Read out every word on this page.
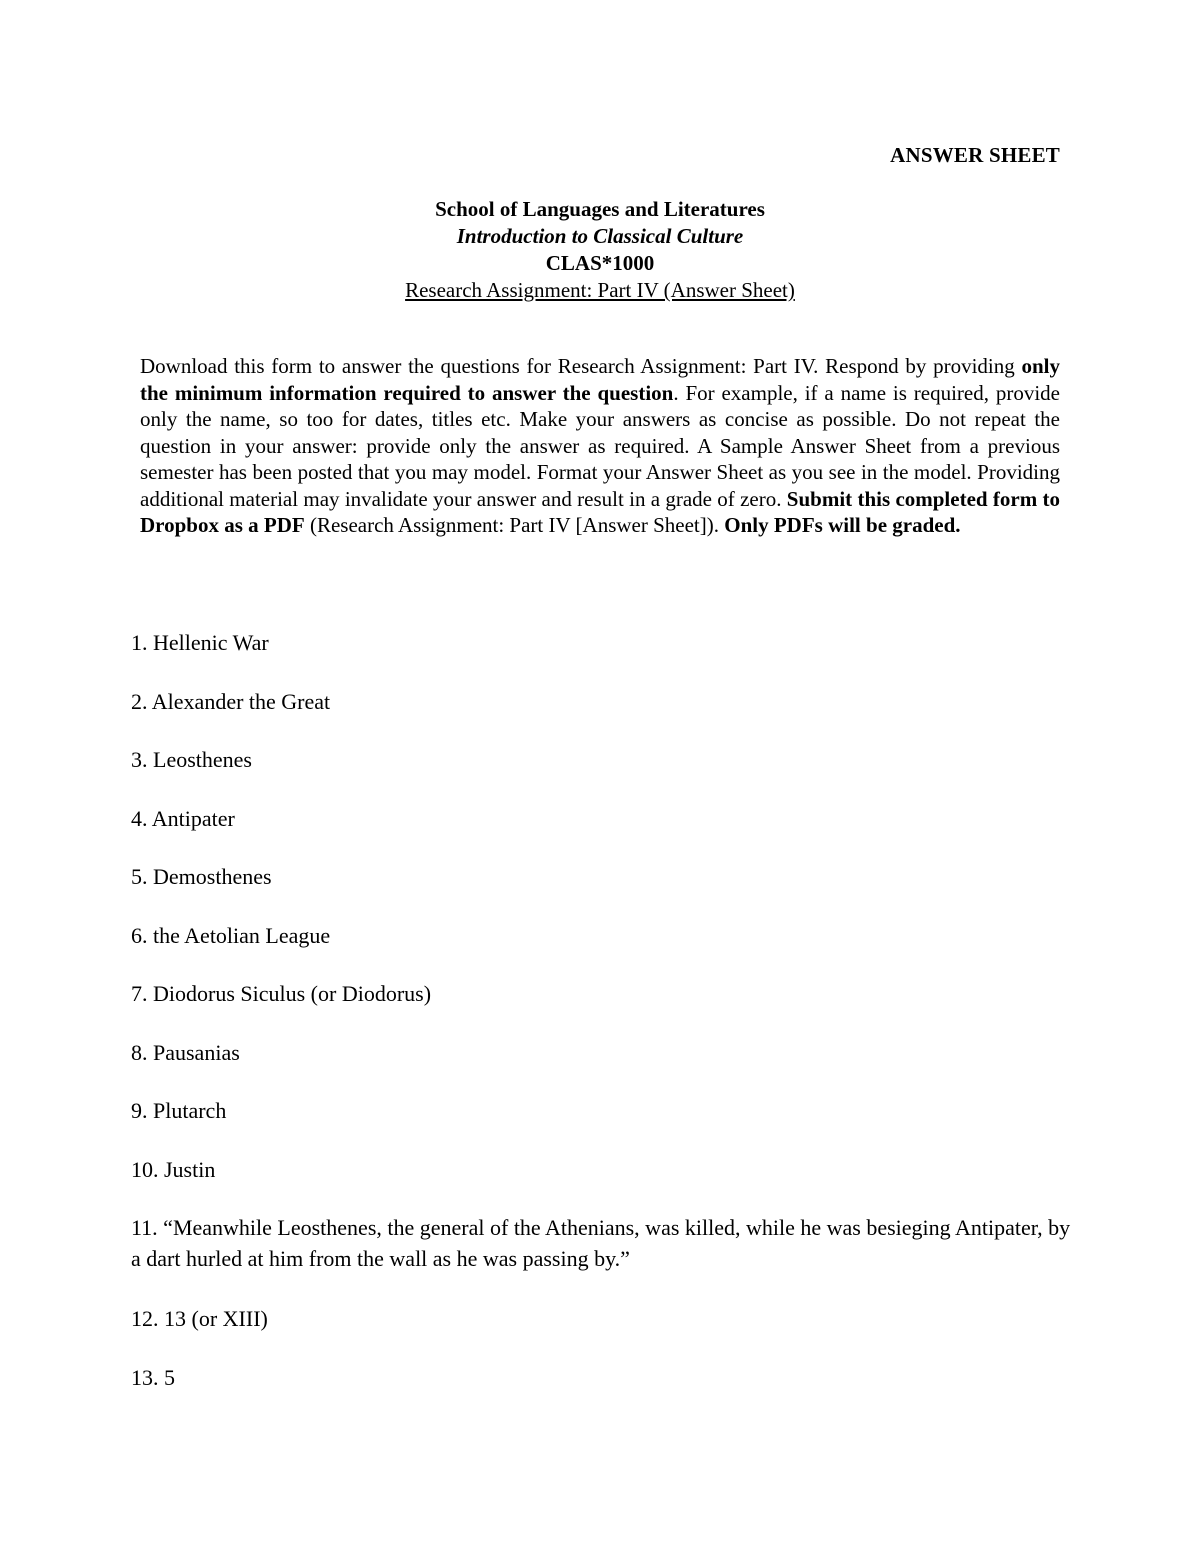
ANSWER SHEET
School of Languages and Literatures
Introduction to Classical Culture
CLAS*1000
Research Assignment: Part IV (Answer Sheet)
Download this form to answer the questions for Research Assignment: Part IV. Respond by providing only the minimum information required to answer the question. For example, if a name is required, provide only the name, so too for dates, titles etc. Make your answers as concise as possible. Do not repeat the question in your answer: provide only the answer as required. A Sample Answer Sheet from a previous semester has been posted that you may model. Format your Answer Sheet as you see in the model. Providing additional material may invalidate your answer and result in a grade of zero. Submit this completed form to Dropbox as a PDF (Research Assignment: Part IV [Answer Sheet]). Only PDFs will be graded.
1. Hellenic War
2. Alexander the Great
3. Leosthenes
4. Antipater
5. Demosthenes
6. the Aetolian League
7. Diodorus Siculus (or Diodorus)
8. Pausanias
9. Plutarch
10. Justin
11. “Meanwhile Leosthenes, the general of the Athenians, was killed, while he was besieging Antipater, by a dart hurled at him from the wall as he was passing by.”
12. 13 (or XIII)
13. 5
